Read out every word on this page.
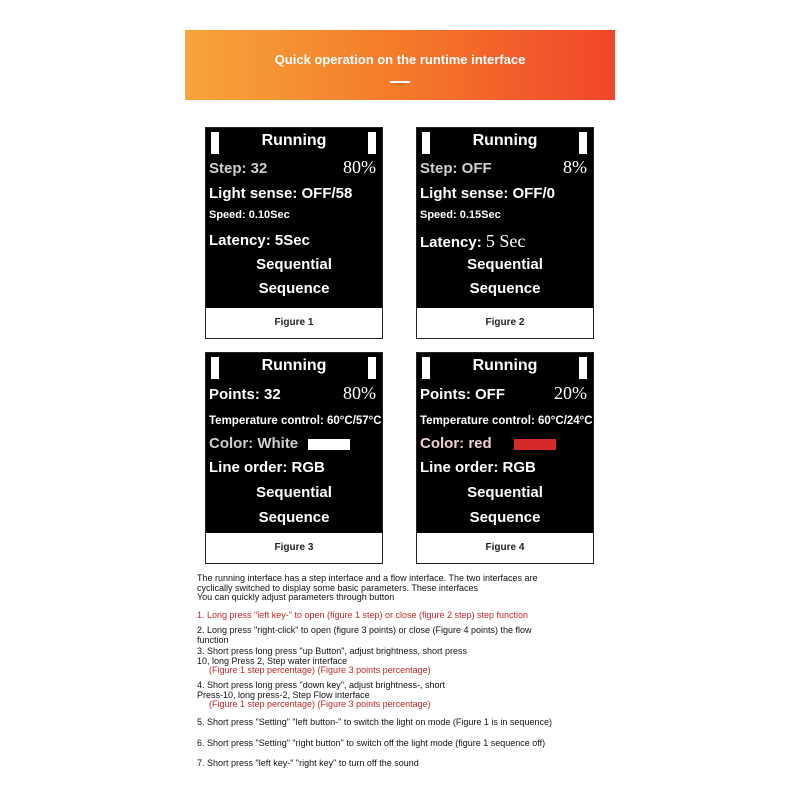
Quick operation on the runtime interface
Running
Step: 32	80%
Light sense: OFF/58
Speed: 0.10Sec
Latency: 5Sec
Sequential
Sequence
Figure 1
Running
Step: OFF	8%
Light sense: OFF/0
Speed: 0.15Sec
Latency: 5 Sec
Sequential
Sequence
Figure 2
Running
Points: 32	80%
Temperature control: 60°C/57°C
Color: White
Line order: RGB
Sequential
Sequence
Figure 3
Running
Points: OFF	20%
Temperature control: 60°C/24°C
Color: red
Line order: RGB
Sequential
Sequence
Figure 4
The running interface has a step interface and a flow interface. The two interfaces are
cyclically switched to display some basic parameters. These interfaces
You can quickly adjust parameters through button
1. Long press "left key-" to open (figure 1 step) or close (figure 2 step) step function
2. Long press "right-click" to open (figure 3 points) or close (Figure 4 points) the flow
function
3. Short press long press "up Button", adjust brightness, short press
10, long Press 2, Step water interface
(Figure 1 step percentage) (Figure 3 points percentage)
4. Short press long press "down key", adjust brightness-, short
Press-10, long press-2, Step Flow interface
(Figure 1 step percentage) (Figure 3 points percentage)
5. Short press "Setting" "left button-" to switch the light on mode (Figure 1 is in sequence)
6. Short press "Setting" "right button" to switch off the light mode (figure 1 sequence off)
7. Short press "left key-" "right key" to turn off the sound
